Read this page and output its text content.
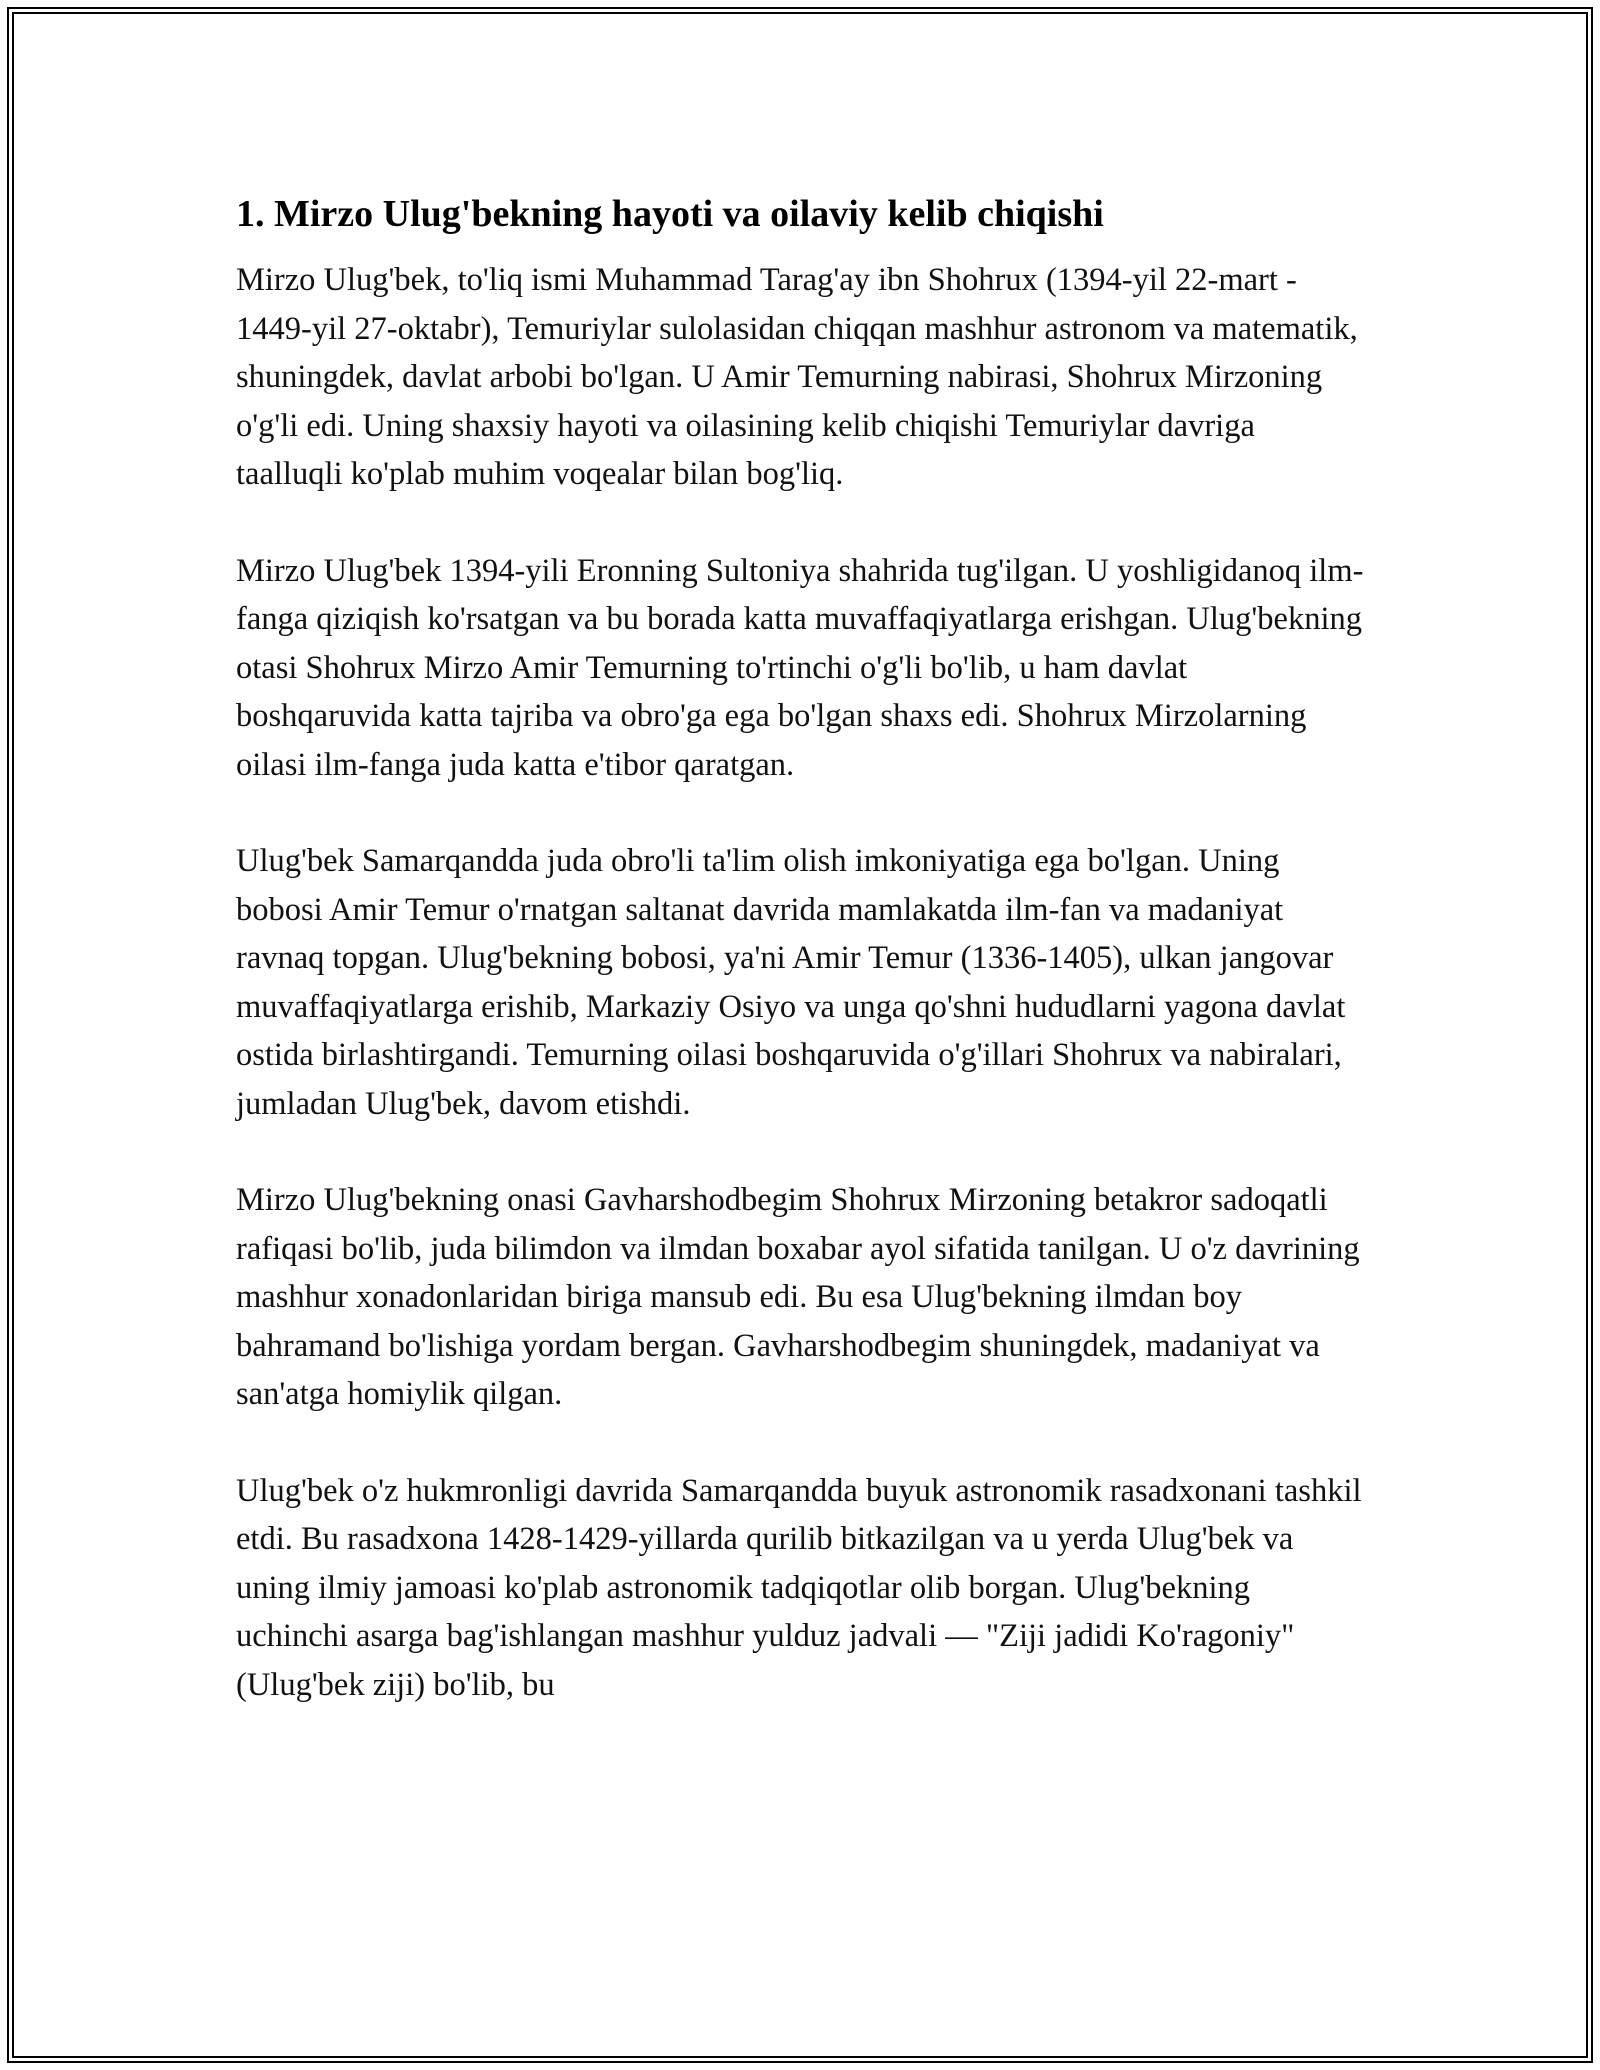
1. Mirzo Ulug'bekning hayoti va oilaviy kelib chiqishi

Mirzo Ulug'bek, to'liq ismi Muhammad Tarag'ay ibn Shohrux (1394-yil 22-mart - 1449-yil 27-oktabr), Temuriylar sulolasidan chiqqan mashhur astronom va matematik, shuningdek, davlat arbobi bo'lgan. U Amir Temurning nabirasi, Shohrux Mirzoning o'g'li edi. Uning shaxsiy hayoti va oilasining kelib chiqishi Temuriylar davriga taalluqli ko'plab muhim voqealar bilan bog'liq.

Mirzo Ulug'bek 1394-yili Eronning Sultoniya shahrida tug'ilgan. U yoshligidanoq ilm-fanga qiziqish ko'rsatgan va bu borada katta muvaffaqiyatlarga erishgan. Ulug'bekning otasi Shohrux Mirzo Amir Temurning to'rtinchi o'g'li bo'lib, u ham davlat boshqaruvida katta tajriba va obro'ga ega bo'lgan shaxs edi. Shohrux Mirzolarning oilasi ilm-fanga juda katta e'tibor qaratgan.

Ulug'bek Samarqandda juda obro'li ta'lim olish imkoniyatiga ega bo'lgan. Uning bobosi Amir Temur o'rnatgan saltanat davrida mamlakatda ilm-fan va madaniyat ravnaq topgan. Ulug'bekning bobosi, ya'ni Amir Temur (1336-1405), ulkan jangovar muvaffaqiyatlarga erishib, Markaziy Osiyo va unga qo'shni hududlarni yagona davlat ostida birlashtirgandi. Temurning oilasi boshqaruvida o'g'illari Shohrux va nabiralari, jumladan Ulug'bek, davom etishdi.

Mirzo Ulug'bekning onasi Gavharshodbegim Shohrux Mirzoning betakror sadoqatli rafiqasi bo'lib, juda bilimdon va ilmdan boxabar ayol sifatida tanilgan. U o'z davrining mashhur xonadonlaridan biriga mansub edi. Bu esa Ulug'bekning ilmdan boy bahramand bo'lishiga yordam bergan. Gavharshodbegim shuningdek, madaniyat va san'atga homiylik qilgan.

Ulug'bek o'z hukmronligi davrida Samarqandda buyuk astronomik rasadxonani tashkil etdi. Bu rasadxona 1428-1429-yillarda qurilib bitkazilgan va u yerda Ulug'bek va uning ilmiy jamoasi ko'plab astronomik tadqiqotlar olib borgan. Ulug'bekning uchinchi asarga bag'ishlangan mashhur yulduz jadvali — "Ziji jadidi Ko'ragoniy" (Ulug'bek ziji) bo'lib, bu
